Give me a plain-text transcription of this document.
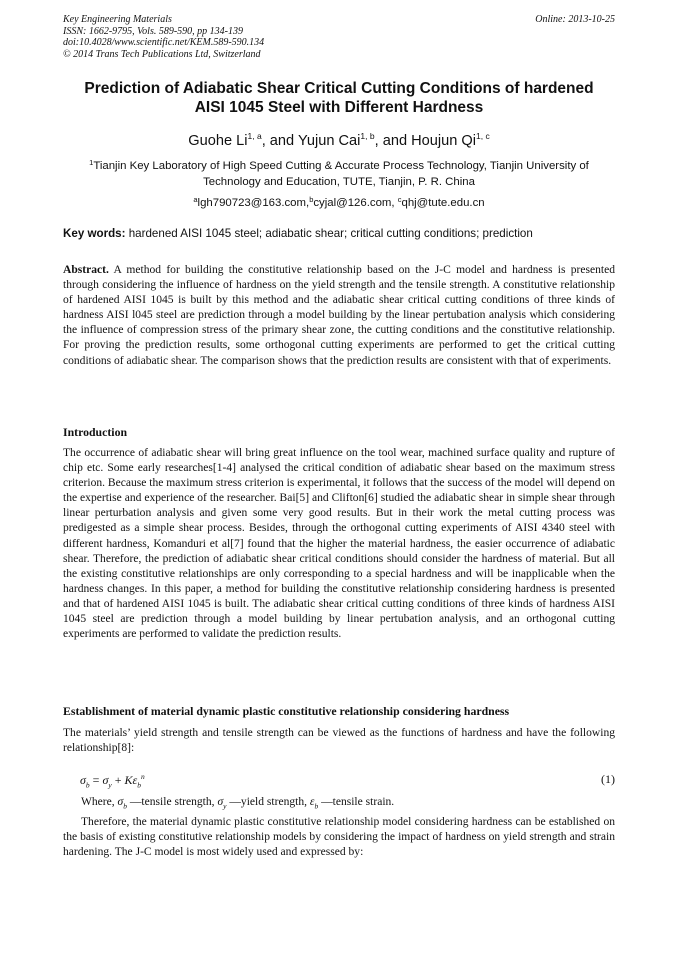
Key Engineering Materials
ISSN: 1662-9795, Vols. 589-590, pp 134-139
doi:10.4028/www.scientific.net/KEM.589-590.134
© 2014 Trans Tech Publications Ltd, Switzerland
Online: 2013-10-25
Prediction of Adiabatic Shear Critical Cutting Conditions of hardened
AISI 1045 Steel with Different Hardness
Guohe Li$^{1, a}$, and Yujun Cai$^{1, b}$, and Houjun Qi$^{1, c}$
$^1$Tianjin Key Laboratory of High Speed Cutting & Accurate Process Technology, Tianjin University of
Technology and Education, TUTE, Tianjin, P. R. China
$^a$lgh790723@163.com,$^b$cyjal@126.com, $^c$qhj@tute.edu.cn
Key words: hardened AISI 1045 steel; adiabatic shear; critical cutting conditions; prediction
Abstract. A method for building the constitutive relationship based on the J-C model and hardness is presented through considering the influence of hardness on the yield strength and the tensile strength. A constitutive relationship of hardened AISI 1045 is built by this method and the adiabatic shear critical cutting conditions of three kinds of hardness AISI l045 steel are prediction through a model building by the linear pertubation analysis which considering the influence of compression stress of the primary shear zone, the cutting conditions and the constitutive relationship. For proving the prediction results, some orthogonal cutting experiments are performed to get the critical cutting conditions of adiabatic shear. The comparison shows that the prediction results are consistent with that of experiments.
Introduction
The occurrence of adiabatic shear will bring great influence on the tool wear, machined surface quality and rupture of chip etc. Some early researches[1-4] analysed the critical condition of adiabatic shear based on the maximum stress criterion. Because the maximum stress criterion is experimental, it follows that the success of the model will depend on the expertise and experience of the researcher. Bai[5] and Clifton[6] studied the adiabatic shear in simple shear through linear perturbation analysis and given some very good results. But in their work the metal cutting process was predigested as a simple shear process. Besides, through the orthogonal cutting experiments of AISI 4340 steel with different hardness, Komanduri et al[7] found that the higher the material hardness, the easier occurrence of adiabatic shear. Therefore, the prediction of adiabatic shear critical conditions should consider the hardness of material. But all the existing constitutive relationships are only corresponding to a special hardness and will be inapplicable when the hardness changes. In this paper, a method for building the constitutive relationship considering hardness is presented and that of hardened AISI 1045 is built. The adiabatic shear critical cutting conditions of three kinds of hardness AISI 1045 steel are prediction through a model building by linear pertubation analysis, and an orthogonal cutting experiments are performed to validate the prediction results.
Establishment of material dynamic plastic constitutive relationship considering hardness
The materials’ yield strength and tensile strength can be viewed as the functions of hardness and have the following relationship[8]:
$\sigma_b = \sigma_y + K\varepsilon_b^n$	(1)
Where, $\sigma_b$ —tensile strength, $\sigma_y$ —yield strength, $\varepsilon_b$ —tensile strain.
Therefore, the material dynamic plastic constitutive relationship model considering hardness can be established on the basis of existing constitutive relationship models by considering the impact of hardness on yield strength and strain hardening. The J-C model is most widely used and expressed by:
